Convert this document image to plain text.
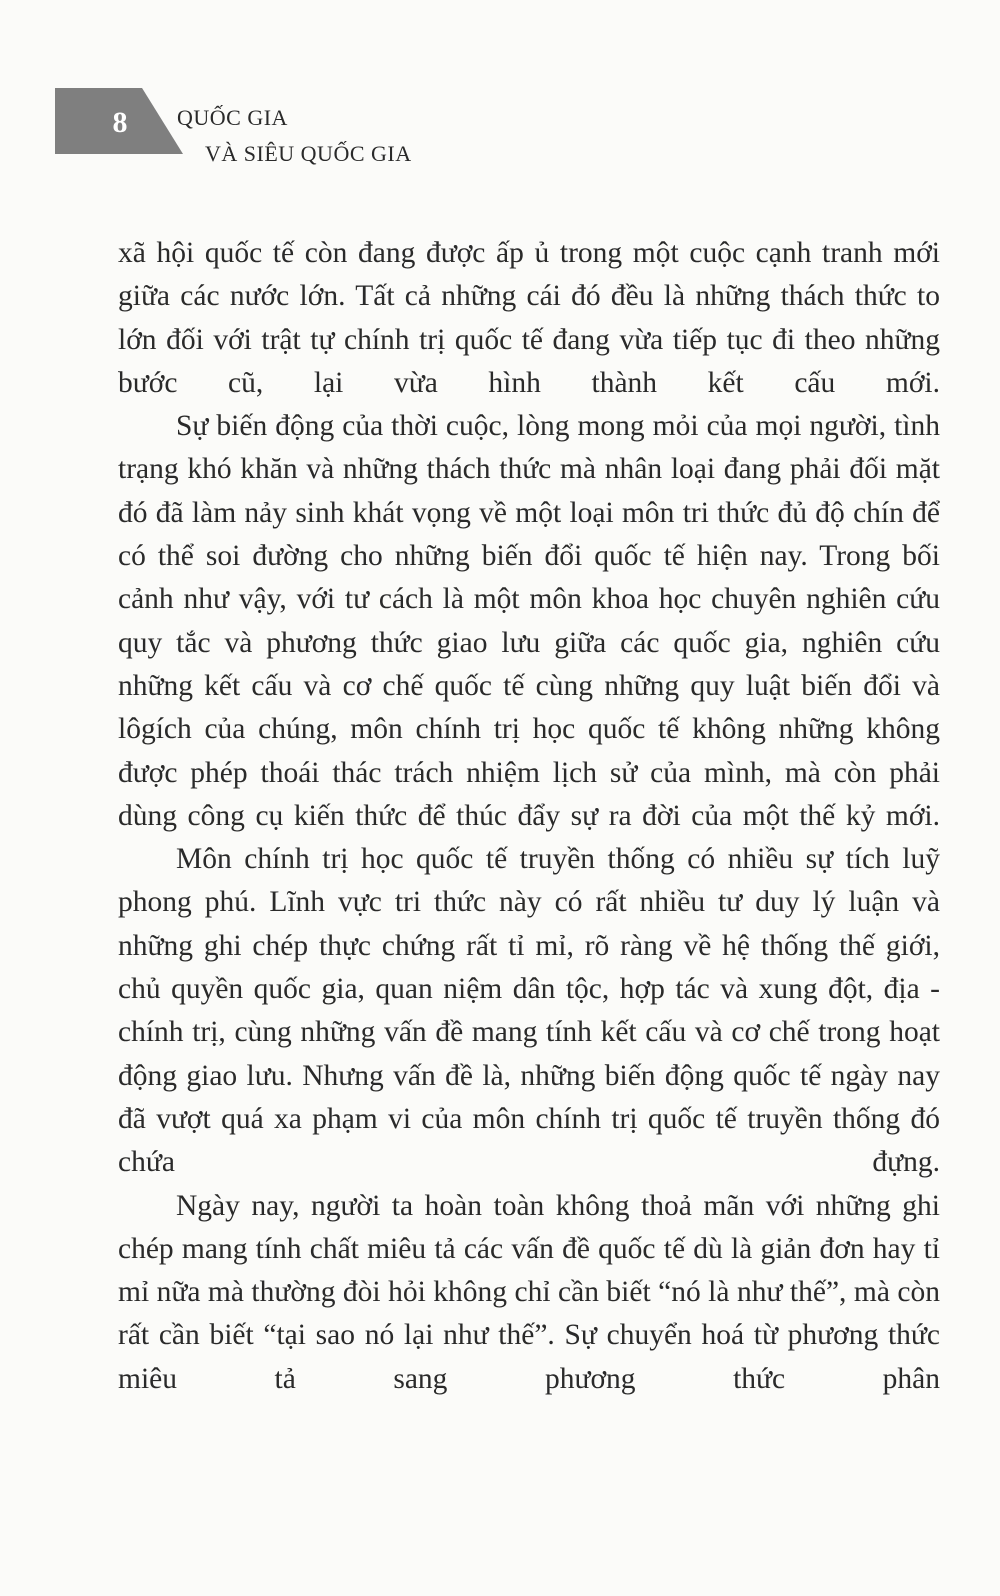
8	QUỐC GIA
VÀ SIÊU QUỐC GIA

xã hội quốc tế còn đang được ấp ủ trong một cuộc cạnh tranh mới giữa các nước lớn. Tất cả những cái đó đều là những thách thức to lớn đối với trật tự chính trị quốc tế đang vừa tiếp tục đi theo những bước cũ, lại vừa hình thành kết cấu mới.

Sự biến động của thời cuộc, lòng mong mỏi của mọi người, tình trạng khó khăn và những thách thức mà nhân loại đang phải đối mặt đó đã làm nảy sinh khát vọng về một loại môn tri thức đủ độ chín để có thể soi đường cho những biến đổi quốc tế hiện nay. Trong bối cảnh như vậy, với tư cách là một môn khoa học chuyên nghiên cứu quy tắc và phương thức giao lưu giữa các quốc gia, nghiên cứu những kết cấu và cơ chế quốc tế cùng những quy luật biến đổi và lôgích của chúng, môn chính trị học quốc tế không những không được phép thoái thác trách nhiệm lịch sử của mình, mà còn phải dùng công cụ kiến thức để thúc đẩy sự ra đời của một thế kỷ mới.

Môn chính trị học quốc tế truyền thống có nhiều sự tích luỹ phong phú. Lĩnh vực tri thức này có rất nhiều tư duy lý luận và những ghi chép thực chứng rất tỉ mỉ, rõ ràng về hệ thống thế giới, chủ quyền quốc gia, quan niệm dân tộc, hợp tác và xung đột, địa - chính trị, cùng những vấn đề mang tính kết cấu và cơ chế trong hoạt động giao lưu. Nhưng vấn đề là, những biến động quốc tế ngày nay đã vượt quá xa phạm vi của môn chính trị quốc tế truyền thống đó chứa đựng.

Ngày nay, người ta hoàn toàn không thoả mãn với những ghi chép mang tính chất miêu tả các vấn đề quốc tế dù là giản đơn hay tỉ mỉ nữa mà thường đòi hỏi không chỉ cần biết “nó là như thế”, mà còn rất cần biết “tại sao nó lại như thế”. Sự chuyển hoá từ phương thức miêu tả sang phương thức phân
